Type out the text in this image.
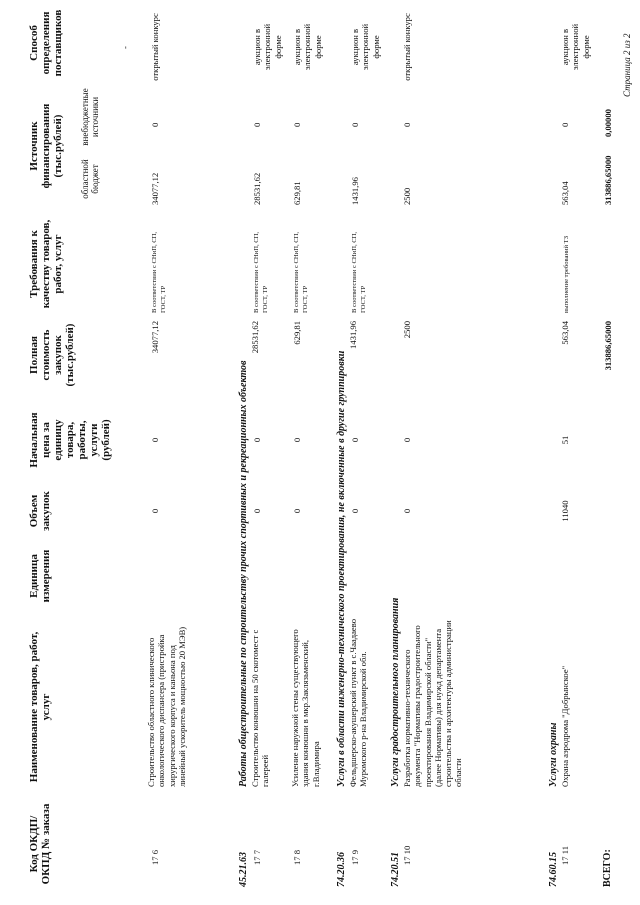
Код ОКДП/ ОКПД № заказа
Наименование товаров, работ, услуг
Единица измерения
Объем закупок
Начальная цена за единицу товара, работы, услуги (рублей)
Полная стоимость закупок (тыс.рублей)
Требования к качеству товаров, работ, услуг
Источник финансирования (тыс.рублей)
областной бюджет
внебюджетные источники
Способ определения поставщиков	-
17 6
Строительство областного клинического онкологического диспансера (пристройка хирургического корпуса и каньона под линейный ускоритель мощностью 20 МЭВ)
0
0
34077,12
В соответствии с СНиП, СП, ГОСТ, ТР
34077,12
0
открытый конкурс
45.21.63
Работы общестроительные по строительству прочих спортивных и рекреационных объектов
17 7
Строительство конюшни на 50 скотомест с галереей
0
0
28531,62
В соответствии с СНиП, СП, ГОСТ, ТР
28531,62
0
аукцион в электронной форме
17 8
Усиление наружной стены существующего здания конюшни в мкр.Заклязьменский, г.Владимира
0
0
629,81
В соответствии с СНиП, СП, ГОСТ, ТР
629,81
0
аукцион в электронной форме
74.20.36
Услуги в области инженерно-технического проектирования, не включенные в другие группировки
17 9
Фельдшерско-акушерский пункт в с.Чаадаево Муромского р-на Владимирской обл.
0
0
1431,96
В соответствии с СНиП, СП, ГОСТ, ТР
1431,96
0
аукцион в электронной форме
74.20.51
Услуги градостроительного планирования
17 10
Разработка нормативно-технического документа "Нормативы градостроительного проектирования Владимирской области" (далее Нормативы) для нужд департамента строительства и архитектуры администрации области
0
0
2500
2500
0
открытый конкурс
74.60.15
Услуги охраны
17 11
Охрана аэродрома "Добрынское"
11040
51
563,04
выполнение требований ТЗ
563,04
0
аукцион в электронной форме
ВСЕГО:
313886,65000
313886,65000
0,00000
Страница 2 из 2
